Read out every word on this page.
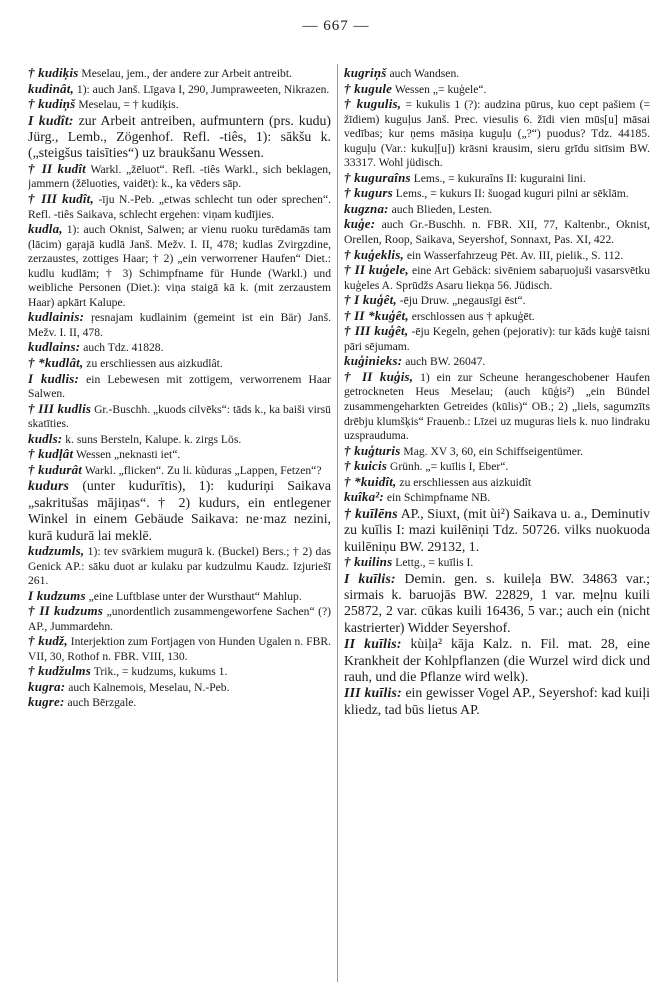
— 667 —

† kudiķis Meselau, jem., der andere zur Arbeit antreibt.

kudinât, 1): auch Janš. Līgava I, 290, Jumpraweeten, Nikrazen.

† kudiņš Meselau, = † kudiķis.

I kudît: zur Arbeit antreiben, aufmuntern (prs. kudu) Jürg., Lemb., Zögenhof. Refl. -tiês, 1): sākšu k. („steigšus taisīties“) uz braukšanu Wessen.

† II kudît Warkl. „žēluot“. Refl. -tiês Warkl., sich beklagen, jammern (žēluoties, vaidēt): k., ka vēders sāp.

† III kudît, -īju N.-Peb. „etwas schlecht tun oder sprechen“. Refl. -tiês Saikava, schlecht ergehen: viņam kudījies.

kudla, 1): auch Oknist, Salwen; ar vienu ruoku turēdamās tam (lācim) gaŗajā kudlā Janš. Mežv. I. II, 478; kudlas Zvirgzdine, zerzaustes, zottiges Haar; † 2) „ein verworrener Haufen“ Diet.: kudlu kudlām; † 3) Schimpfname für Hunde (Warkl.) und weibliche Personen (Diet.): viņa staigā kā k. (mit zerzaustem Haar) apkārt Kalupe.

kudlainis: ŗesnajam kudlainim (gemeint ist ein Bär) Janš. Mežv. I. II, 478.

kudlains: auch Tdz. 41828.

† *kudlât, zu erschliessen aus aizkudlât.

I kudlis: ein Lebewesen mit zottigem, verworrenem Haar Salwen.

† III kudlis Gr.-Buschh. „kuods cilvēks“: tāds k., ka baiši virsū skatīties.

kudls: k. suns Bersteln, Kalupe. k. zirgs Lös.

† kudļât Wessen „neknasti iet“.

† kudurât Warkl. „flicken“. Zu li. kùduras „Lappen, Fetzen“?

kudurs (unter kudurītis), 1): kuduriņi Saikava „sakritušas mājiņas“. † 2) kudurs, ein entlegener Winkel in einem Gebäude Saikava: ne·maz nezini, kurā kudurā lai meklē.

kudzumls, 1): tev svārkiem mugurā k. (Buckel) Bers.; † 2) das Genick AP.: sāku duot ar kulaku par kudzulmu Kaudz. Izjuriešī 261.

I kudzums „eine Luftblase unter der Wursthaut“ Mahlup.

† II kudzums „unordentlich zusammengeworfene Sachen“ (?) AP., Jummardehn.

† kudž, Interjektion zum Fortjagen von Hunden Ugalen n. FBR. VII, 30, Rothof n. FBR. VIII, 130.

† kudžulms Trik., = kudzums, kukums 1.

kugra: auch Kalnemois, Meselau, N.-Peb.

kugre: auch Bērzgale.

kugriņš auch Wandsen.

† kugule Wessen „= kuģele“.

† kugulis, = kukulis 1 (?): audzina pūrus, kuo cept pašiem (= žīdiem) kuguļus Janš. Prec. viesulis 6. žīdi vien mūs[u] māsai vedības; kur ņems māsiņa kuguļu („?“) puodus? Tdz. 44185. kuguļu (Var.: kukuļ[u]) krāsni krausim, sieru grīdu sitīsim BW. 33317. Wohl jüdisch.

† kuguraîns Lems., = kukuraîns II: kuguraini lini.

† kugurs Lems., = kukurs II: šuogad kuguri pilni ar sēklām.

kugzna: auch Blieden, Lesten.

kuģe: auch Gr.-Buschh. n. FBR. XII, 77, Kaltenbr., Oknist, Orellen, Roop, Saikava, Seyershof, Sonnaxt, Pas. XI, 422.

† kuģeklis, ein Wasserfahrzeug Pēt. Av. III, pielik., S. 112.

† II kuģele, eine Art Gebäck: sivēniem sabaŗuojuši vasarsvētku kuģeles A. Sprūdžs Asaru liekņa 56. Jüdisch.

† I kuģêt, -ēju Druw. „negausīgi ēst“.

† II *kuģêt, erschlossen aus † apkuģēt.

† III kuģêt, -ēju Kegeln, gehen (pejorativ): tur kāds kuģē taisni pāri sējumam.

kuģinieks: auch BW. 26047.

† II kuģis, 1) ein zur Scheune herangeschobener Haufen getrockneten Heus Meselau; (auch kūģis²) „ein Bündel zusammengeharkten Getreides (kūlis)“ OB.; 2) „liels, sagumzīts drēbju klumšķis“ Frauenb.: Līzei uz muguras liels k. nuo lindraku uzsprauduma.

† kuģturis Mag. XV 3, 60, ein Schiffseigentümer.

† kuicis Grünh. „= kuīlis I, Eber“.

† *kuidît, zu erschliessen aus aizkuidît

kuîka²: ein Schimpfname NB.

† kuīlēns AP., Siuxt, (mit ùi²) Saikava u. a., Deminutiv zu kuīlis I: mazi kuilēniņi Tdz. 50726. vilks nuokuoda kuilēniņu BW. 29132, 1.

† kuilins Lettg., = kuīlis I.

I kuīlis: Demin. gen. s. kuileļa BW. 34863 var.; sirmais k. baruojās BW. 22829, 1 var. meļnu kuili 25872, 2 var. cūkas kuili 16436, 5 var.; auch ein (nicht kastrierter) Widder Seyershof.

II kuīlis: kùiļa² kāja Kalz. n. Fil. mat. 28, eine Krankheit der Kohlpflanzen (die Wurzel wird dick und rauh, und die Pflanze wird welk).

III kuīlis: ein gewisser Vogel AP., Seyershof: kad kuiļi kliedz, tad būs lietus AP.
